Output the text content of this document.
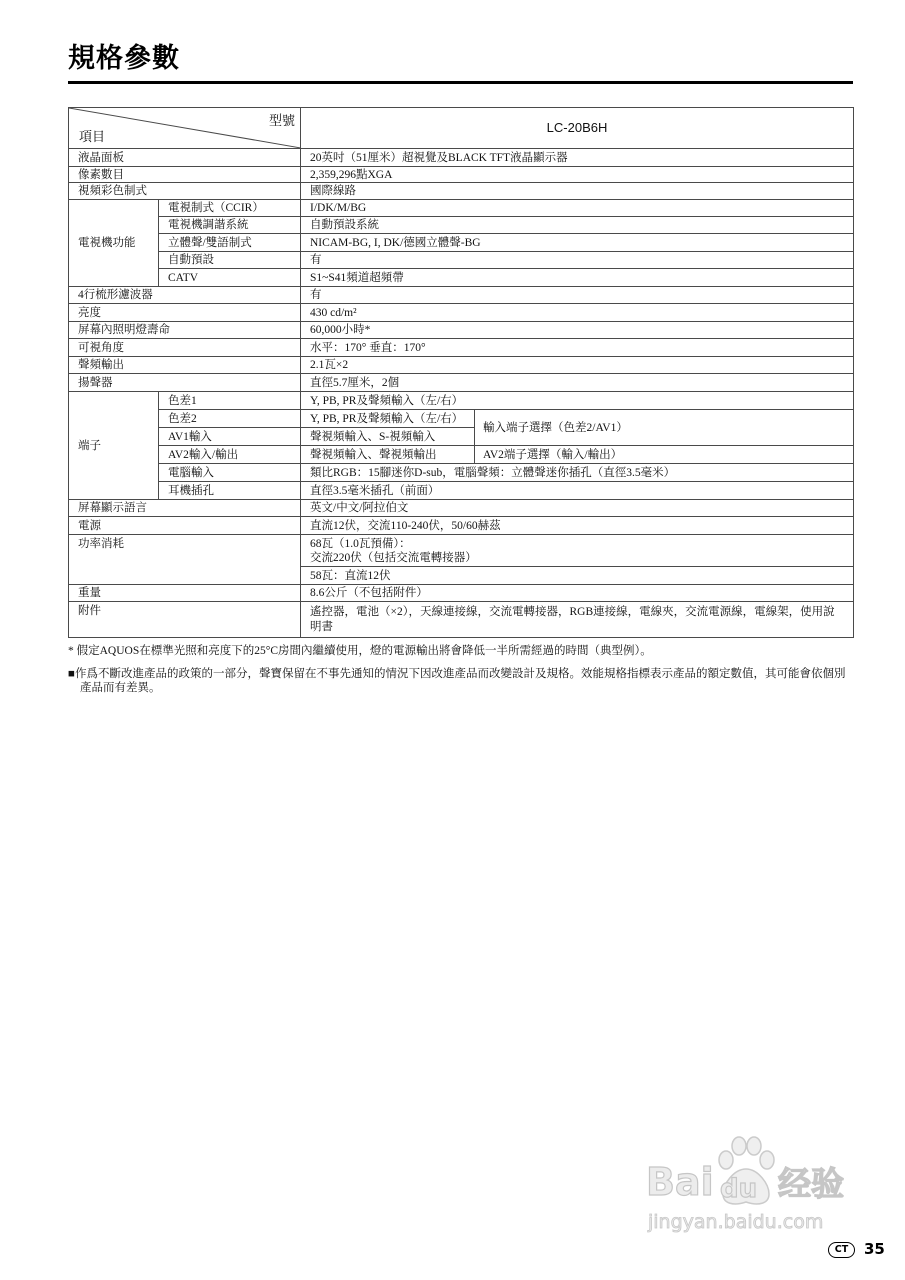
規格參數
型號
項目		LC-20B6H	
液晶面板		20英吋（51厘米）超視覺及BLACK TFT液晶顯示器	
像素數目		2,359,296點XGA	
視頻彩色制式		國際線路	
電視機功能	電視制式（CCIR）	I/DK/M/BG	
	電視機調諧系統	自動預設系統	
	立體聲/雙語制式	NICAM-BG, I, DK/德國立體聲-BG	
	自動預設	有	
	CATV	S1~S41頻道超頻帶	
4行梳形濾波器		有	
亮度		430 cd/m²	
屏幕內照明燈壽命		60,000小時*	
可視角度		水平：170° 垂直：170°	
聲頻輸出		2.1瓦×2	
揚聲器		直徑5.7厘米，2個	
端子	色差1	Y, PB, PR及聲頻輸入（左/右）	
	色差2	Y, PB, PR及聲頻輸入（左/右）	輸入端子選擇（色差2/AV1）
	AV1輸入	聲視頻輸入、S-視頻輸入	
	AV2輸入/輸出	聲視頻輸入、聲視頻輸出	AV2端子選擇（輸入/輸出）
	電腦輸入	類比RGB：15腳迷你D-sub，電腦聲頻：立體聲迷你插孔（直徑3.5毫米）	
	耳機插孔	直徑3.5毫米插孔（前面）	
屏幕顯示語言		英文/中文/阿拉伯文	
電源		直流12伏，交流110-240伏，50/60赫茲	
功率消耗		68瓦（1.0瓦預備）：
交流220伏（包括交流電轉接器）	

		58瓦：直流12伏	
重量		8.6公斤（不包括附件）	
附件		遙控器，電池（×2），天線連接線，交流電轉接器，RGB連接線，電線夾，交流電源線，電線架，使用說明書	

* 假定AQUOS在標準光照和亮度下的25°C房間內繼續使用，燈的電源輸出將會降低一半所需經過的時間（典型例）。

■作爲不斷改進產品的政策的一部分，聲寶保留在不事先通知的情況下因改進產品而改變設計及規格。效能規格指標表示產品的額定數值，其可能會依個別產品而有差異。

Bai du 经验
jingyan.baidu.com
CT	35
